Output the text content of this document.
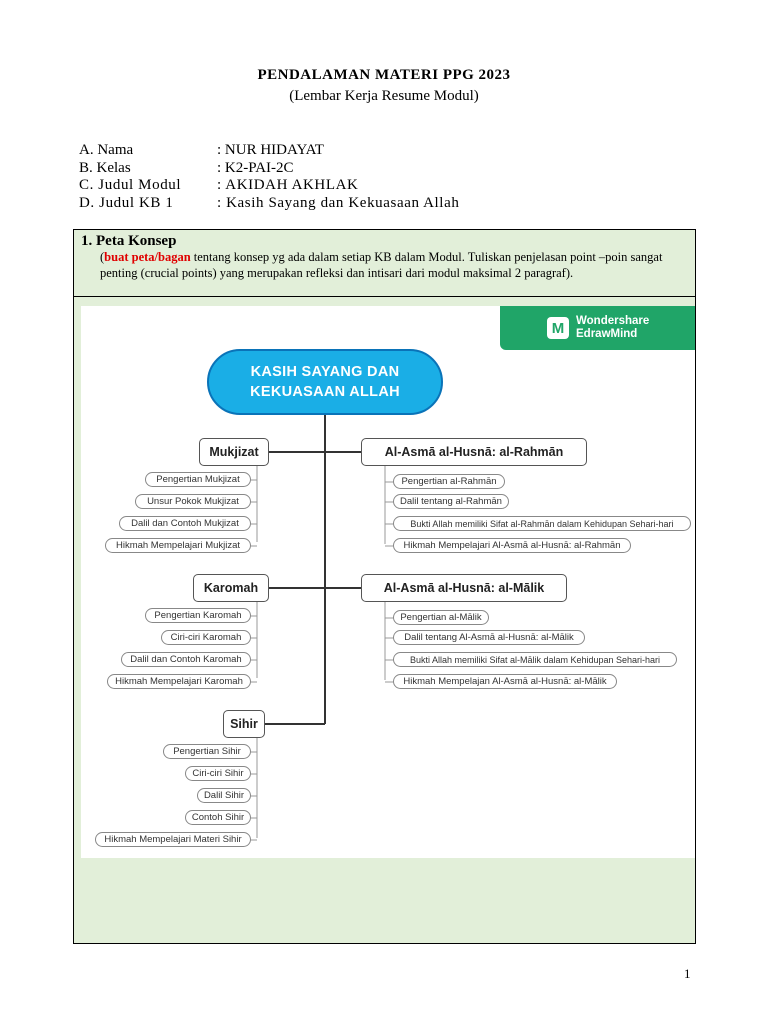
PENDALAMAN MATERI PPG 2023
(Lembar Kerja Resume Modul)
A. Nama	: NUR HIDAYAT
B. Kelas	: K2-PAI-2C
C. Judul Modul	: AKIDAH AKHLAK
D. Judul KB 1	: Kasih Sayang dan Kekuasaan Allah
1. Peta Konsep
(buat peta/bagan tentang konsep yg ada dalam setiap KB dalam Modul. Tuliskan penjelasan point –poin sangat penting (crucial points) yang merupakan refleksi dan intisari dari modul maksimal 2 paragraf).
M	Wondershare
EdrawMind
KASIH SAYANG DAN
KEKUASAAN ALLAH
Mukjizat
Pengertian Mukjizat
Unsur Pokok Mukjizat
Dalil dan Contoh Mukjizat
Hikmah Mempelajari Mukjizat
Karomah
Pengertian Karomah
Ciri-ciri Karomah
Dalil dan Contoh Karomah
Hikmah Mempelajari Karomah
Sihir
Pengertian Sihir
Ciri-ciri Sihir
Dalil Sihir
Contoh Sihir
Hikmah Mempelajari Materi Sihir
Al-Asmā al-Husnā: al-Rahmān
Pengertian al-Rahmān
Dalil tentang al-Rahmān
Bukti Allah memiliki Sifat al-Rahmān dalam Kehidupan Sehari-hari
Hikmah Mempelajari Al-Asmā al-Husnā: al-Rahmān
Al-Asmā al-Husnā: al-Mālik
Pengertian al-Mālik
Dalil tentang Al-Asmā al-Husnā: al-Mālik
Bukti Allah memiliki Sifat al-Mālik dalam Kehidupan Sehari-hari
Hikmah Mempelajan Al-Asmā al-Husnā: al-Mālik
1
